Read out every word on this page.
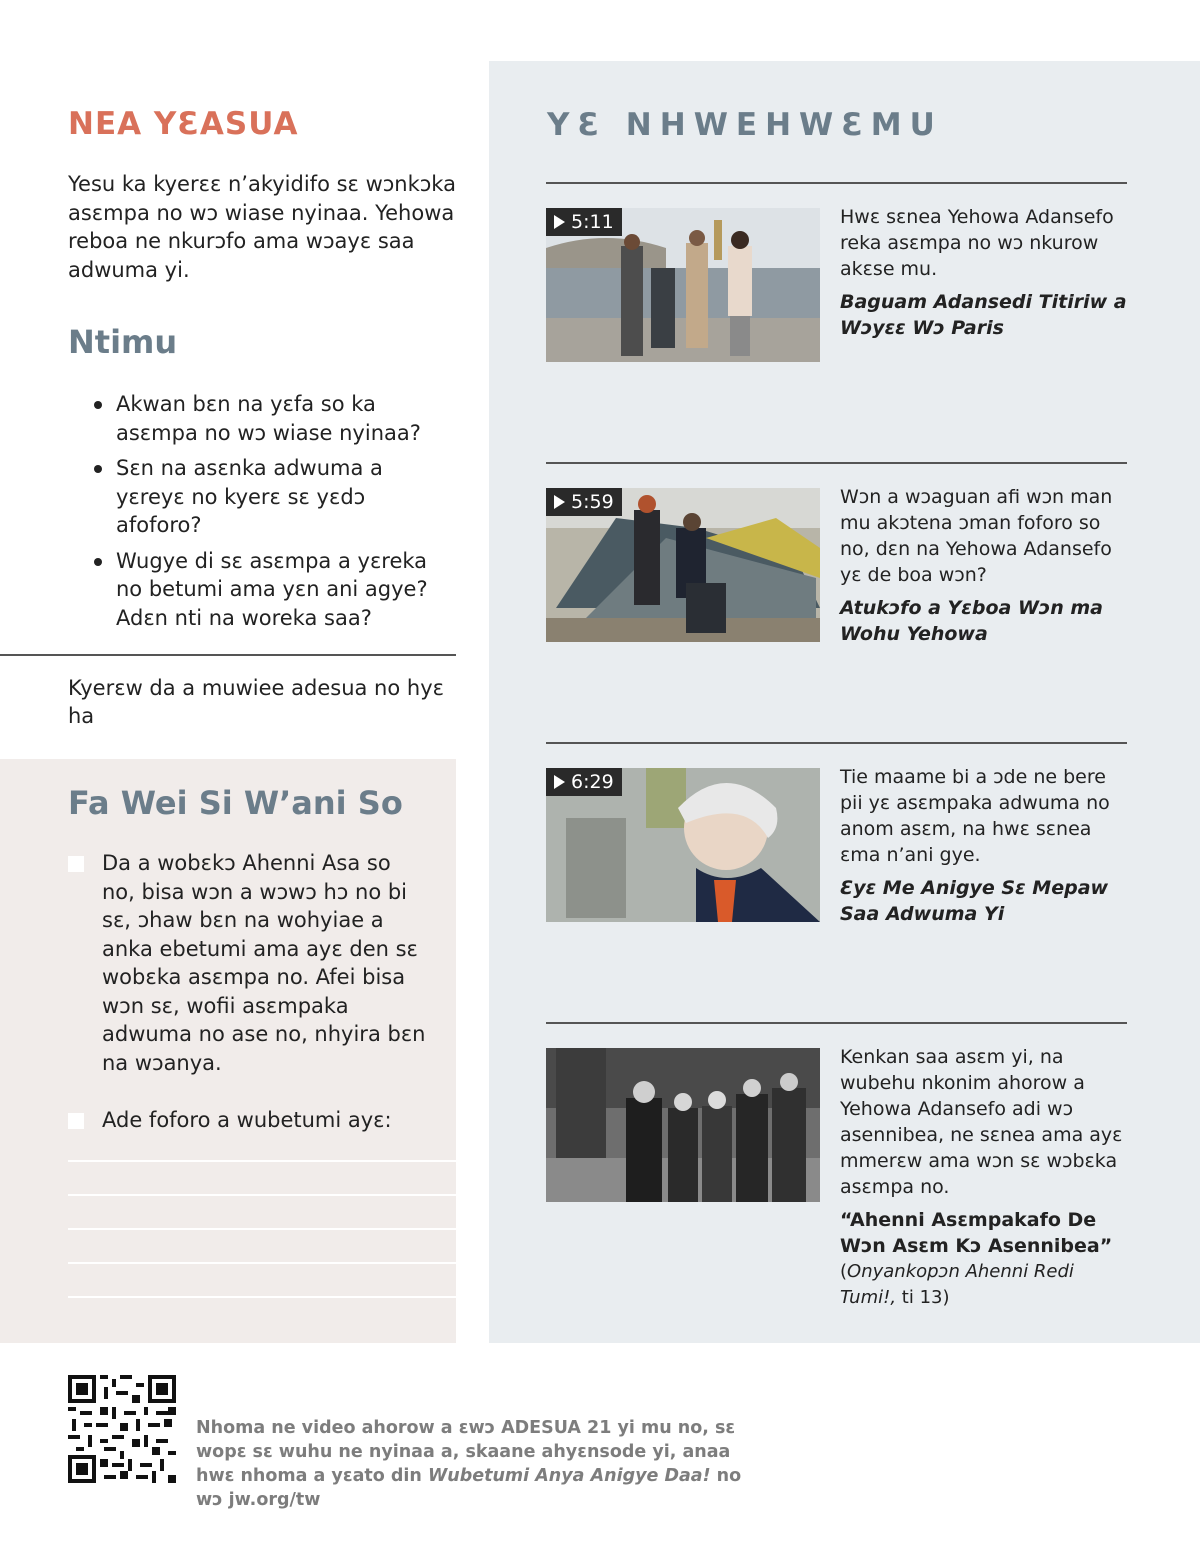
NEA YƐASUA

Yesu ka kyerɛɛ n’akyidifo sɛ wɔnkɔka asɛmpa no wɔ wiase nyinaa. Yehowa reboa ne nkurɔfo ama wɔayɛ saa adwuma yi.

Ntimu
Akwan bɛn na yɛfa so ka asɛmpa no wɔ wiase nyinaa?
Sɛn na asɛnka adwuma a yɛreyɛ no kyerɛ sɛ yɛdɔ afoforo?
Wugye di sɛ asɛmpa a yɛreka no betumi ama yɛn ani agye? Adɛn nti na woreka saa?
Kyerɛw da a muwiee adesua no hyɛ ha
Fa Wei Si W’ani So

Da a wobɛkɔ Ahenni Asa so no, bisa wɔn a wɔwɔ hɔ no bi sɛ, ɔhaw bɛn na wohyiae a anka ebetumi ama ayɛ den sɛ wobɛka asɛmpa no. Afei bisa wɔn sɛ, wofii asɛmpaka adwuma no ase no, nhyira bɛn na wɔanya.

Ade foforo a wubetumi ayɛ:

YƐ NHWEHWƐMU
5:11	Hwɛ sɛnea Yehowa Adansefo reka asɛmpa no wɔ nkurow akɛse mu.

Baguam Adansedi Titiriw a Wɔyɛɛ Wɔ Paris

5:59	Wɔn a wɔaguan afi wɔn man mu akɔtena ɔman foforo so no, dɛn na Yehowa Adansefo yɛ de boa wɔn?

Atukɔfo a Yɛboa Wɔn ma Wohu Yehowa

6:29	Tie maame bi a ɔde ne bere pii yɛ asɛmpaka adwuma no anom asɛm, na hwɛ sɛnea ɛma n’ani gye.

Ɛyɛ Me Anigye Sɛ Mepaw Saa Adwuma Yi

Kenkan saa asɛm yi, na wubehu nkonim ahorow a Yehowa Adansefo adi wɔ asennibea, ne sɛnea ama ayɛ mmerɛw ama wɔn sɛ wɔbɛka asɛmpa no.

“Ahenni Asɛmpakafo De Wɔn Asɛm Kɔ Asennibea”

(Onyankopɔn Ahenni Redi Tumi!, ti 13)

Nhoma ne video ahorow a ɛwɔ ADESUA 21 yi mu no, sɛ wopɛ sɛ wuhu ne nyinaa a, skaane ahyɛnsode yi, anaa hwɛ nhoma a yɛato din Wubetumi Anya Anigye Daa! no wɔ jw.org/tw
